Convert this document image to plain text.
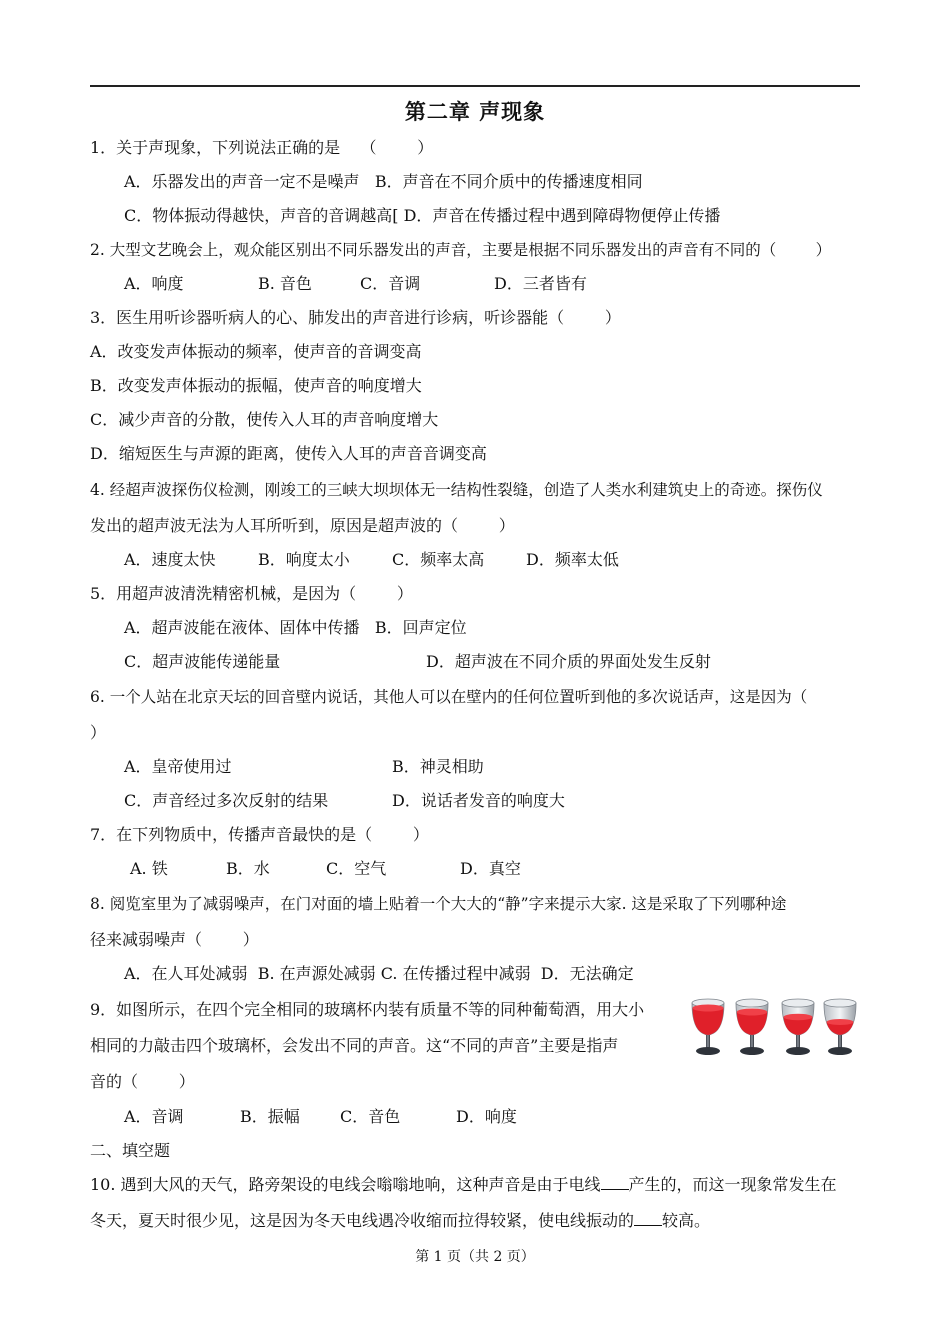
第二章 声现象
1．关于声现象，下列说法正确的是    （        ）
A．乐器发出的声音一定不是噪声   B．声音在不同介质中的传播速度相同
C．物体振动得越快，声音的音调越高[ D．声音在传播过程中遇到障碍物便停止传播
2. 大型文艺晚会上，观众能区别出不同乐器发出的声音，主要是根据不同乐器发出的声音有不同的（        ）
A．响度	B. 音色	C．音调	D．三者皆有
3．医生用听诊器听病人的心、肺发出的声音进行诊病，听诊器能（        ）
A．改变发声体振动的频率，使声音的音调变高
B．改变发声体振动的振幅，使声音的响度增大
C．减少声音的分散，使传入人耳的声音响度增大
D．缩短医生与声源的距离，使传入人耳的声音音调变高
4. 经超声波探伤仪检测，刚竣工的三峡大坝坝体无一结构性裂缝，创造了人类水利建筑史上的奇迹。探伤仪
发出的超声波无法为人耳所听到，原因是超声波的（        ）
A．速度太快	B．响度太小	C．频率太高	D．频率太低
5．用超声波清洗精密机械，是因为（        ）
A．超声波能在液体、固体中传播   B．回声定位
C．超声波能传递能量	D．超声波在不同介质的界面处发生反射
6. 一个人站在北京天坛的回音壁内说话，其他人可以在壁内的任何位置听到他的多次说话声，这是因为（
）
A．皇帝使用过	B．神灵相助
C．声音经过多次反射的结果	D．说话者发音的响度大
7．在下列物质中，传播声音最快的是（        ）
A. 铁	B．水	C．空气	D．真空
8. 阅览室里为了减弱噪声，在门对面的墙上贴着一个大大的“静”字来提示大家. 这是采取了下列哪种途
径来减弱噪声（        ）
A．在人耳处减弱  B. 在声源处减弱 C. 在传播过程中减弱  D．无法确定
9．如图所示，在四个完全相同的玻璃杯内装有质量不等的同种葡萄酒，用大小
相同的力敲击四个玻璃杯，会发出不同的声音。这“不同的声音”主要是指声
音的（        ）
A．音调	B．振幅	C．音色	D．响度
二、填空题
10. 遇到大风的天气，路旁架设的电线会嗡嗡地响，这种声音是由于电线 产生的，而这一现象常发生在
冬天，夏天时很少见，这是因为冬天电线遇冷收缩而拉得较紧，使电线振动的 较高。
第 1 页（共 2 页）
